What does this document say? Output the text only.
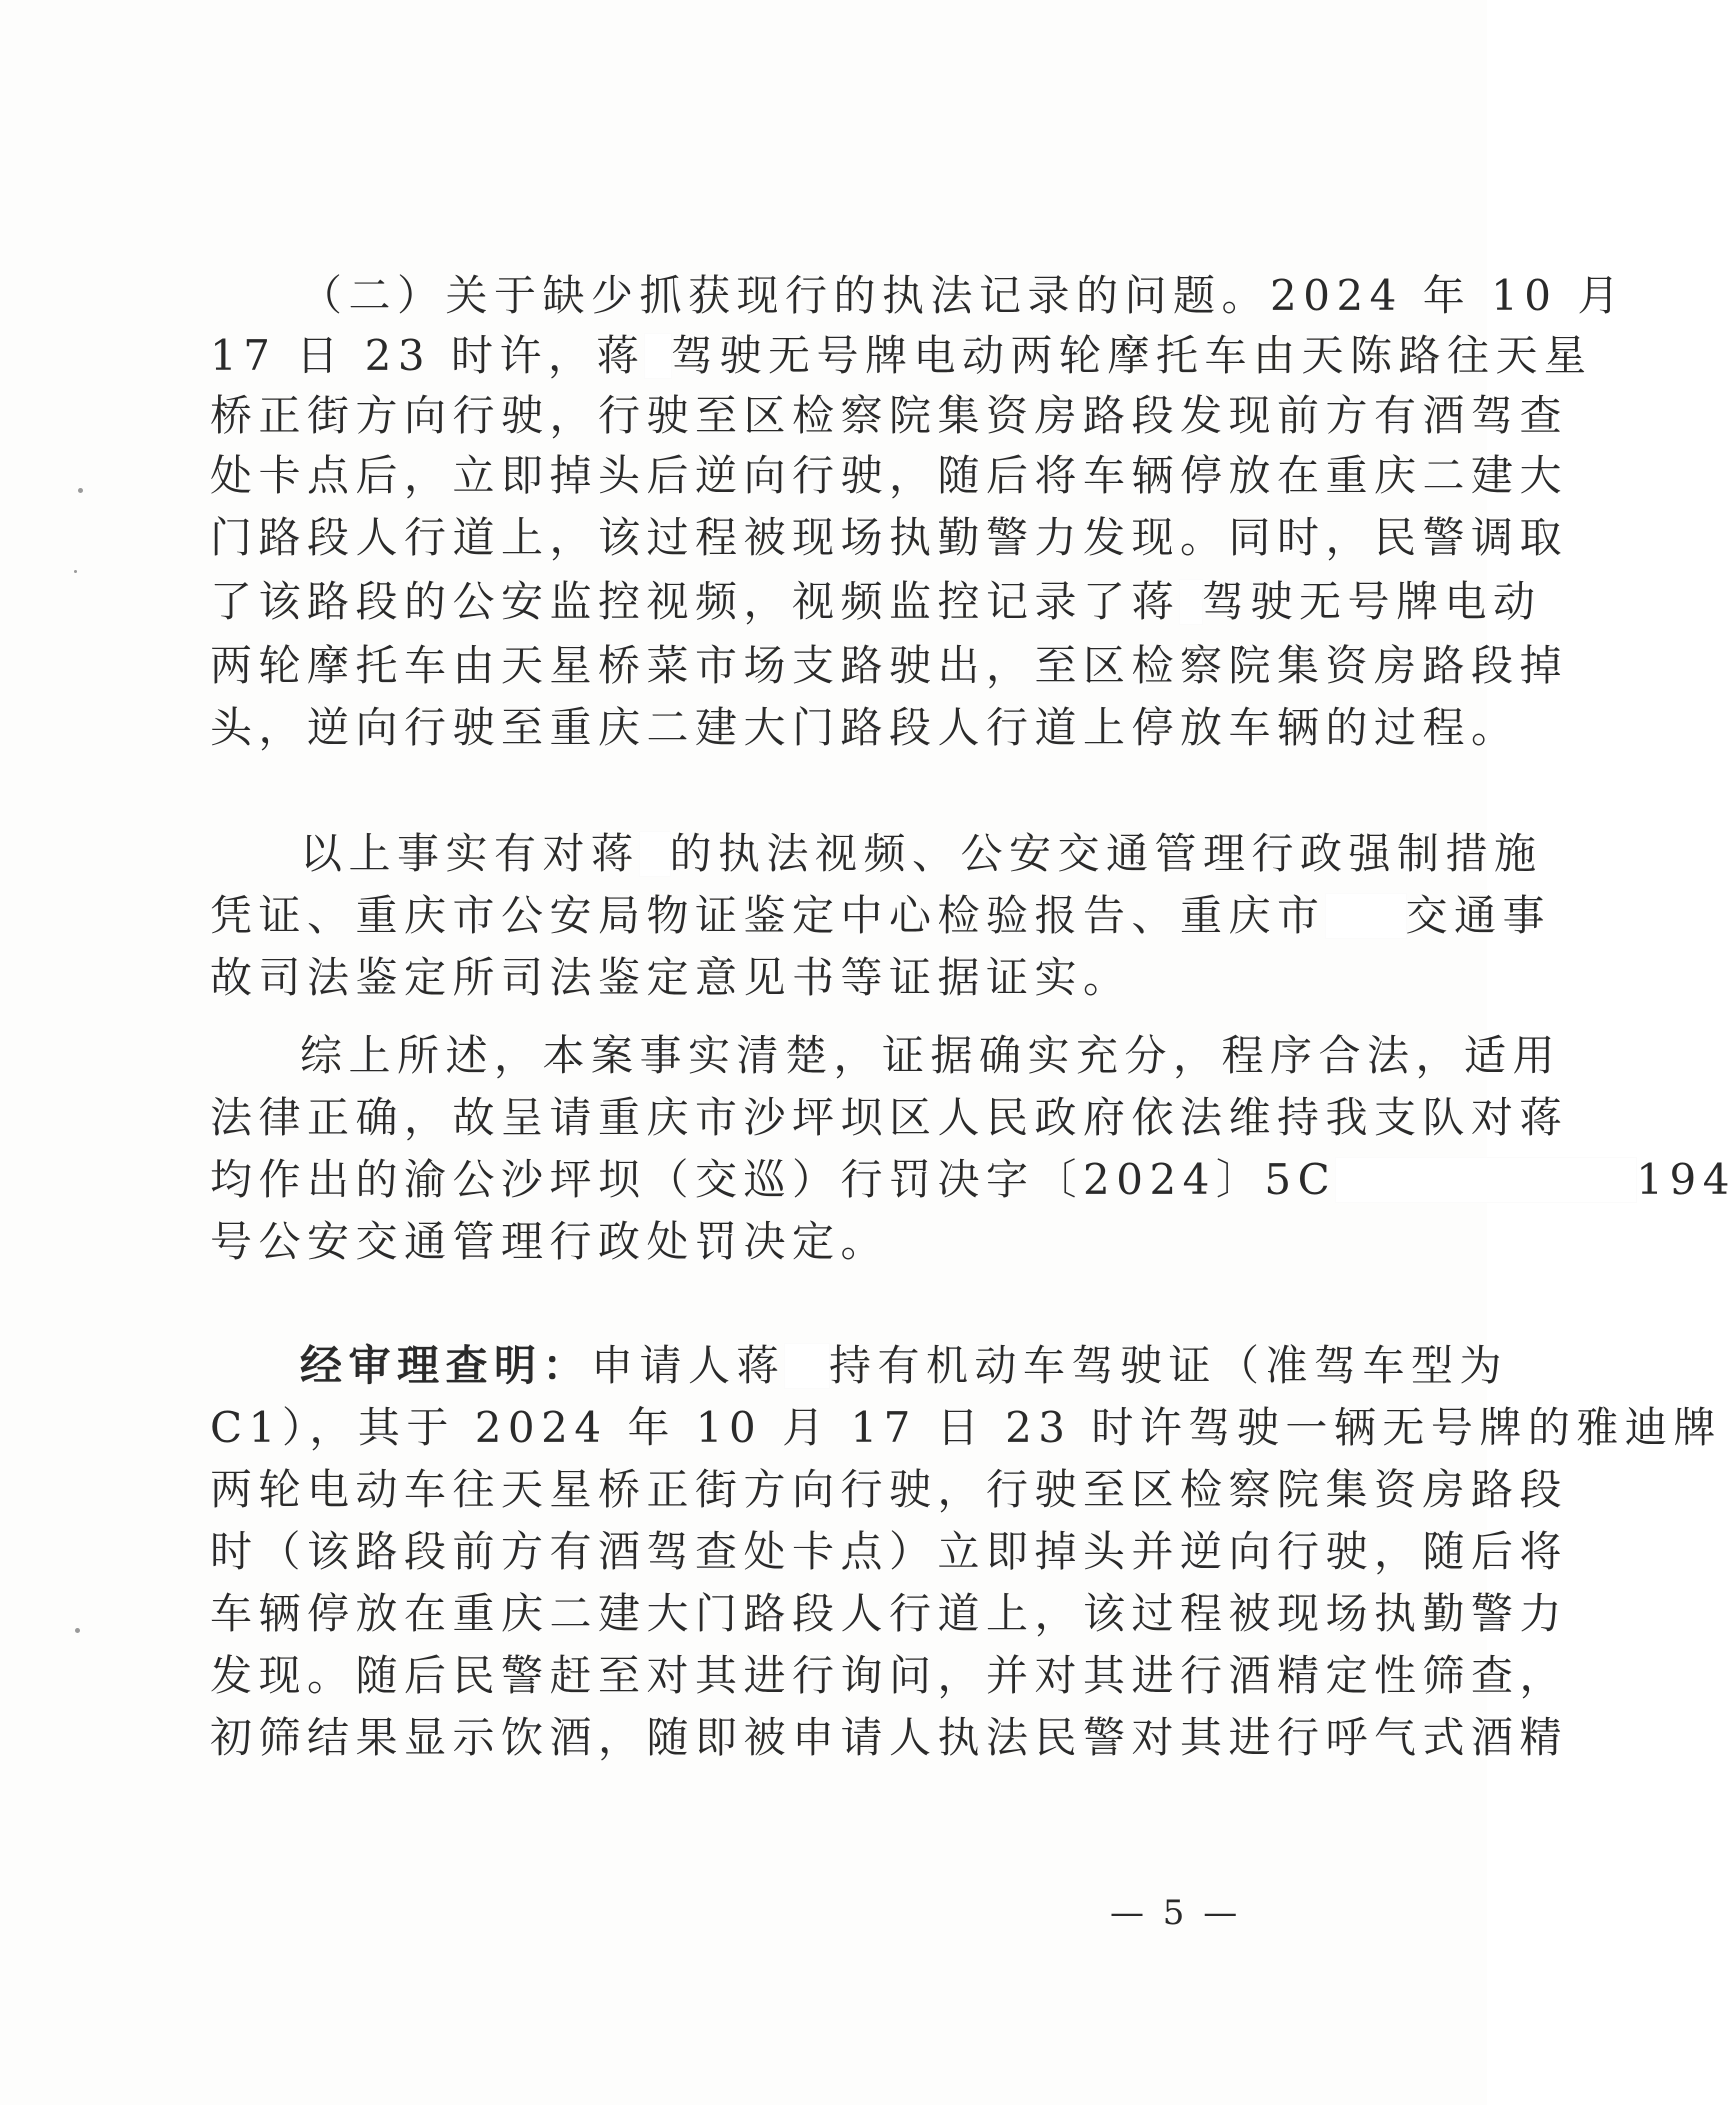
— 5 —
（二）关于缺少抓获现行的执法记录的问题。2024 年 10 月
17 日 23 时许，蒋 驾驶无号牌电动两轮摩托车由天陈路往天星
桥正街方向行驶，行驶至区检察院集资房路段发现前方有酒驾查
处卡点后，立即掉头后逆向行驶，随后将车辆停放在重庆二建大
门路段人行道上，该过程被现场执勤警力发现。同时，民警调取
了该路段的公安监控视频，视频监控记录了蒋 驾驶无号牌电动
两轮摩托车由天星桥菜市场支路驶出，至区检察院集资房路段掉
头，逆向行驶至重庆二建大门路段人行道上停放车辆的过程。
以上事实有对蒋 的执法视频、公安交通管理行政强制措施
凭证、重庆市公安局物证鉴定中心检验报告、重庆市 交通事
故司法鉴定所司法鉴定意见书等证据证实。
综上所述，本案事实清楚，证据确实充分，程序合法，适用
法律正确，故呈请重庆市沙坪坝区人民政府依法维持我支队对蒋
均作出的渝公沙坪坝（交巡）行罚决字〔2024〕5C	194
号公安交通管理行政处罚决定。
经审理查明：申请人蒋 持有机动车驾驶证（准驾车型为
C1），其于 2024 年 10 月 17 日 23 时许驾驶一辆无号牌的雅迪牌
两轮电动车往天星桥正街方向行驶，行驶至区检察院集资房路段
时（该路段前方有酒驾查处卡点）立即掉头并逆向行驶，随后将
车辆停放在重庆二建大门路段人行道上，该过程被现场执勤警力
发现。随后民警赶至对其进行询问，并对其进行酒精定性筛查，
初筛结果显示饮酒，随即被申请人执法民警对其进行呼气式酒精
